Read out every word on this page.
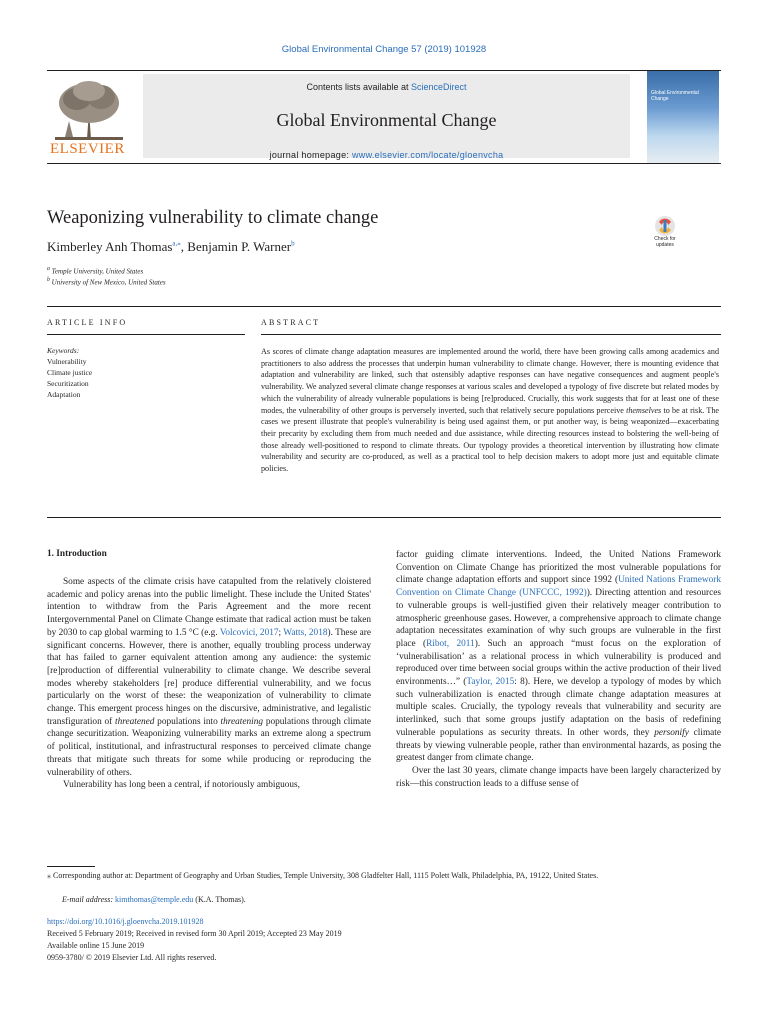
Global Environmental Change 57 (2019) 101928
ELSEVIER
Contents lists available at ScienceDirect
Global Environmental Change
journal homepage: www.elsevier.com/locate/gloenvcha
Global Environmental Change
Weaponizing vulnerability to climate change
Kimberley Anh Thomas$^{a,⁎}$, Benjamin P. Warner$^b$
$^a$ Temple University, United States
$^b$ University of New Mexico, United States
Check for updates
ARTICLE INFO	ABSTRACT
Keywords:
Vulnerability
Climate justice
Securitization
Adaptation
As scores of climate change adaptation measures are implemented around the world, there have been growing calls among academics and practitioners to also address the processes that underpin human vulnerability to climate change. However, there is mounting evidence that adaptation and vulnerability are linked, such that ostensibly adaptive responses can have negative consequences and augment people's vulnerability. We analyzed several climate change responses at various scales and developed a typology of five discrete but related modes by which the vulnerability of already vulnerable populations is being [re]produced. Crucially, this work suggests that for at least one of these modes, the vulnerability of other groups is perversely inverted, such that relatively secure populations perceive themselves to be at risk. The cases we present illustrate that people's vulnerability is being used against them, or put another way, is being weaponized—exacerbating their precarity by excluding them from much needed and due assistance, while directing resources instead to bolstering the well-being of those already well-positioned to respond to climate threats. Our typology provides a theoretical intervention by illustrating how climate vulnerability and security are co-produced, as well as a practical tool to help decision makers to adopt more just and equitable climate policies.
1. Introduction

Some aspects of the climate crisis have catapulted from the relatively cloistered academic and policy arenas into the public limelight. These include the United States' intention to withdraw from the Paris Agreement and the more recent Intergovernmental Panel on Climate Change estimate that radical action must be taken by 2030 to cap global warming to 1.5 °C (e.g. Volcovici, 2017; Watts, 2018). These are significant concerns. However, there is another, equally troubling process underway that has failed to garner equivalent attention among any audience: the systemic [re]production of differential vulnerability to climate change. We describe several modes whereby stakeholders [re] produce differential vulnerability, and we focus particularly on the worst of these: the weaponization of vulnerability to climate change. This emergent process hinges on the discursive, administrative, and legalistic transfiguration of threatened populations into threatening populations through climate change securitization. Weaponizing vulnerability marks an extreme along a spectrum of political, institutional, and infrastructural responses to perceived climate change threats that mitigate such threats for some while producing or reproducing the vulnerability of others.

Vulnerability has long been a central, if notoriously ambiguous,

factor guiding climate interventions. Indeed, the United Nations Framework Convention on Climate Change has prioritized the most vulnerable populations for climate change adaptation efforts and support since 1992 (United Nations Framework Convention on Climate Change (UNFCCC, 1992)). Directing attention and resources to vulnerable groups is well-justified given their relatively meager contribution to atmospheric greenhouse gases. However, a comprehensive approach to climate change adaptation necessitates examination of why such groups are vulnerable in the first place (Ribot, 2011). Such an approach “must focus on the exploration of ‘vulnerabilisation’ as a relational process in which vulnerability is produced and reproduced over time between social groups within the active production of their lived environments…” (Taylor, 2015: 8). Here, we develop a typology of modes by which such vulnerabilization is enacted through climate change adaptation measures at multiple scales. Crucially, the typology reveals that vulnerability and security are interlinked, such that some groups justify adaptation on the basis of redefining vulnerable populations as security threats. In other words, they personify climate threats by viewing vulnerable people, rather than environmental hazards, as posing the greatest danger from climate change.

Over the last 30 years, climate change impacts have been largely characterized by risk—this construction leads to a diffuse sense of

⁎ Corresponding author at: Department of Geography and Urban Studies, Temple University, 308 Gladfelter Hall, 1115 Polett Walk, Philadelphia, PA, 19122, United States.
E-mail address: kimthomas@temple.edu (K.A. Thomas).
https://doi.org/10.1016/j.gloenvcha.2019.101928
Received 5 February 2019; Received in revised form 30 April 2019; Accepted 23 May 2019
Available online 15 June 2019
0959-3780/ © 2019 Elsevier Ltd. All rights reserved.
